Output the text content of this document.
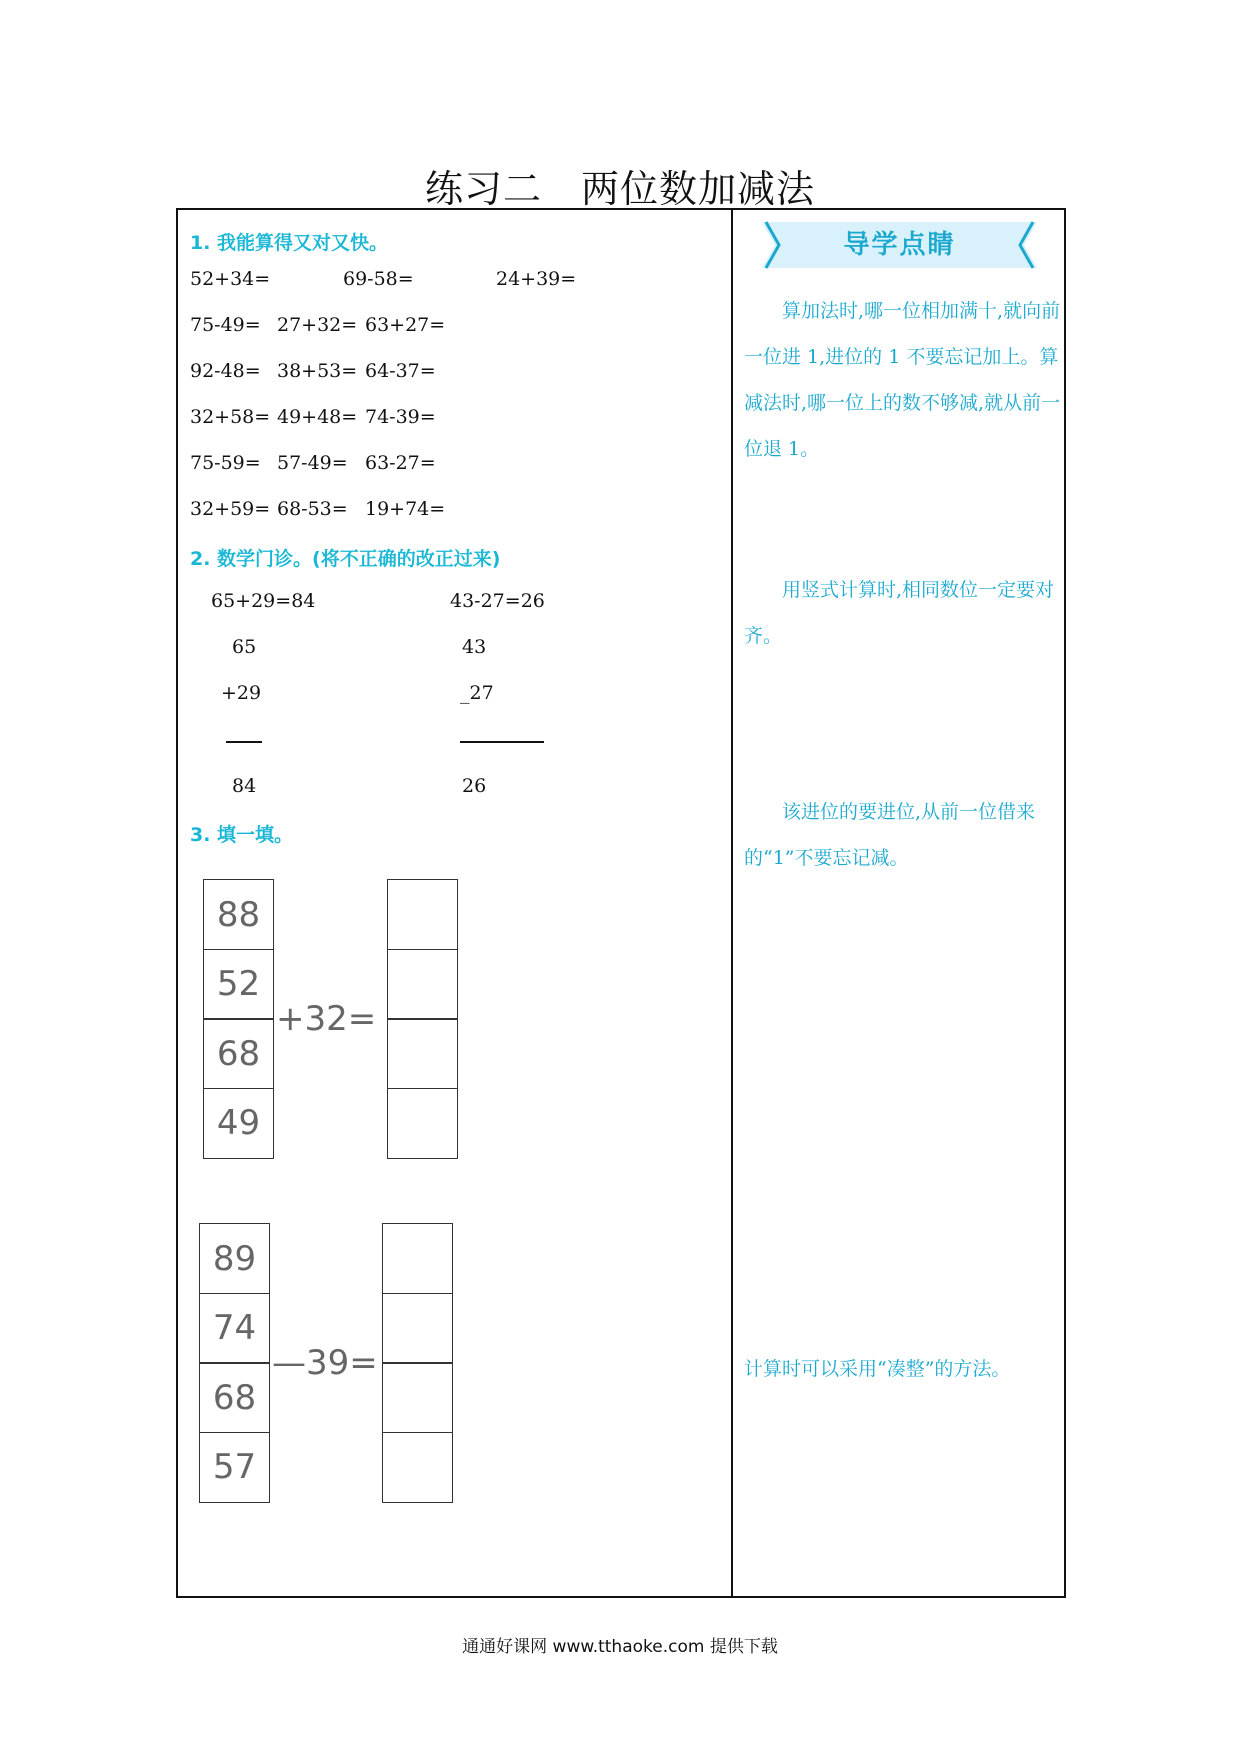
练习二　两位数加减法
1. 我能算得又对又快。
52+34=	69-58=	24+39=
75-49= 27+32= 63+27=
92-48= 38+53= 64-37=
32+58= 49+48= 74-39=
75-59= 57-49= 63-27=
32+59= 68-53= 19+74=
2. 数学门诊。(将不正确的改正过来)
65+29=84
65
+29
84
43-27=26
43
_27
26
3. 填一填。
88
52
68
49
+32=
89
74
68
57
—39=
导学点睛
算加法时,哪一位相加满十,就向前一位进 1,进位的 1 不要忘记加上。算减法时,哪一位上的数不够减,就从前一位退 1。
用竖式计算时,相同数位一定要对齐。
该进位的要进位,从前一位借来的“1”不要忘记减。
计算时可以采用“凑整”的方法。
通通好课网 www.tthaoke.com 提供下载
